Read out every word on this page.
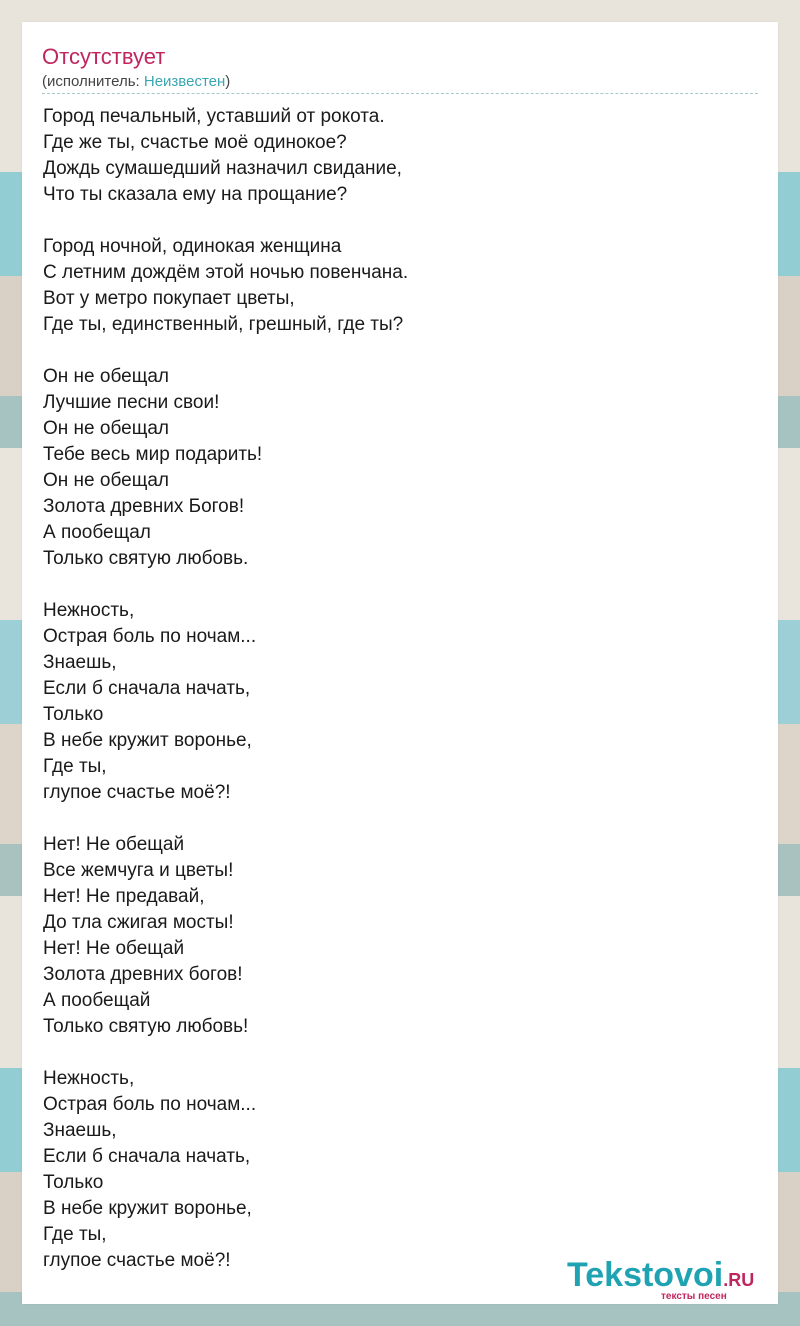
Отсутствует
(исполнитель: Неизвестен)
Город печальный, уставший от рокота.
Где же ты, счастье моё одинокое?
Дождь сумашедший назначил свидание,
Что ты сказала ему на прощание?
Город ночной, одинокая женщина
С летним дождём этой ночью повенчана.
Вот у метро покупает цветы,
Где ты, единственный, грешный, где ты?
Он не обещал
Лучшие песни свои!
Он не обещал
Тебе весь мир подарить!
Он не обещал
Золота древних Богов!
А пообещал
Только святую любовь.
Нежность,
Острая боль по ночам...
Знаешь,
Если б сначала начать,
Только
В небе кружит воронье,
Где ты,
глупое счастье моё?!
Нет! Не обещай
Все жемчуга и цветы!
Нет! Не предавай,
До тла сжигая мосты!
Нет! Не обещай
Золота древних богов!
А пообещай
Только святую любовь!
Нежность,
Острая боль по ночам...
Знаешь,
Если б сначала начать,
Только
В небе кружит воронье,
Где ты,
глупое счастье моё?!	Tekstovoi.RU
тексты песен
